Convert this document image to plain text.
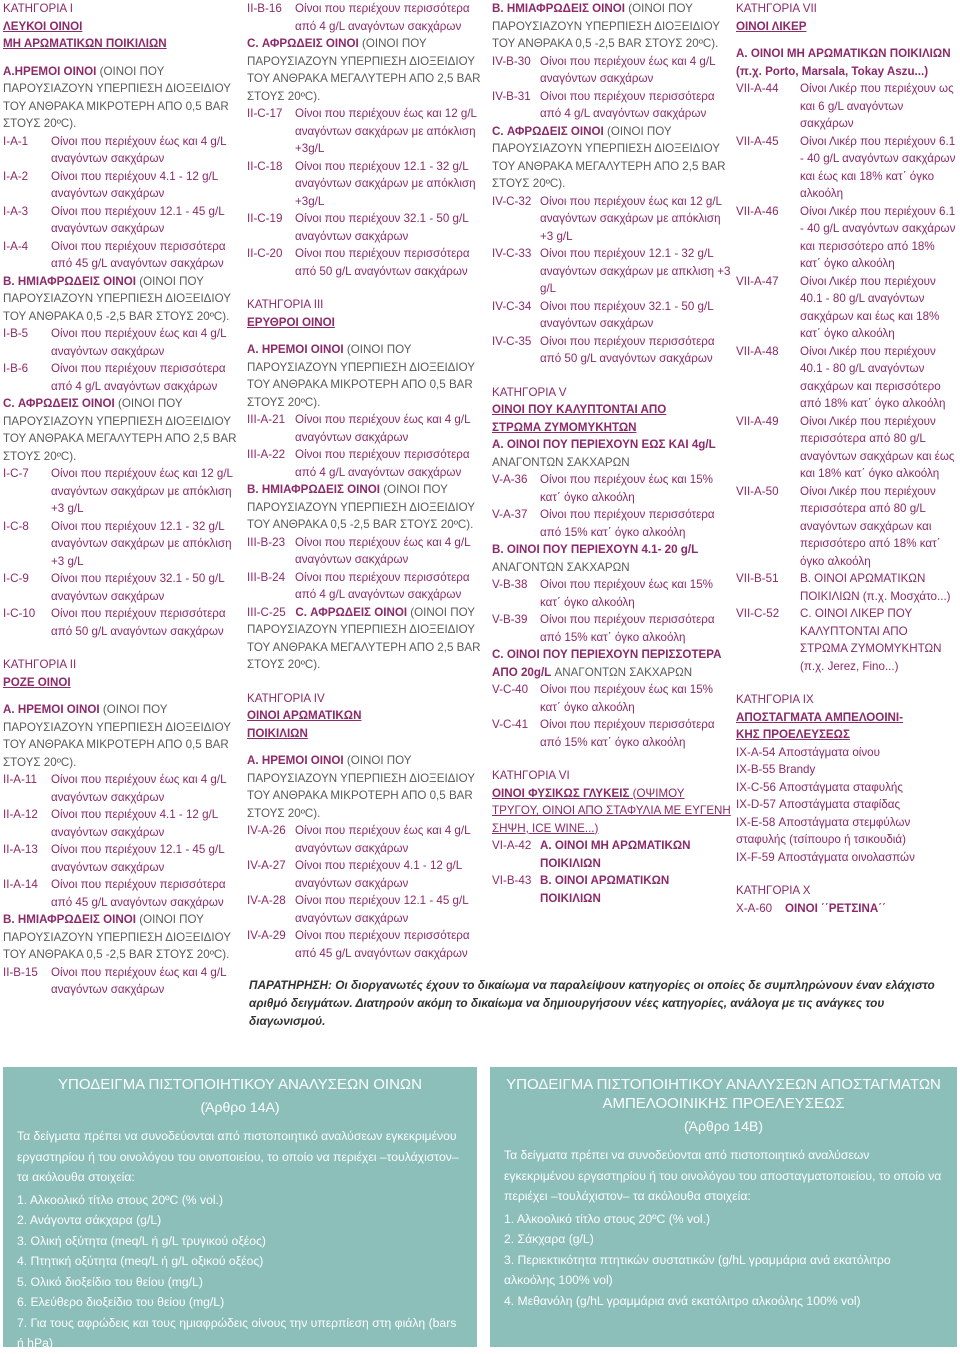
ΚΑΤΗΓΟΡΙΑ I
ΛΕΥΚΟΙ ΟΙΝΟΙ
ΜΗ ΑΡΩΜΑΤΙΚΩΝ ΠΟΙΚΙΛΙΩΝ
A.ΗΡΕΜΟΙ ΟΙΝΟΙ (ΟΙΝΟΙ ΠΟΥ ΠΑΡΟΥΣΙΑΖΟΥΝ ΥΠΕΡΠΙΕΣΗ ΔΙΟΞΕΙΔΙΟΥ ΤΟΥ ΑΝΘΡΑΚΑ ΜΙΚΡΟΤΕΡΗ ΑΠΟ 0,5 BAR ΣΤΟΥΣ 20ºC).
I-A-1	Οίνοι που περιέχουν έως και 4 g/L αναγόντων σακχάρων
I-A-2	Οίνοι που περιέχουν 4.1 - 12 g/L αναγόντων σακχάρων
I-A-3	Οίνοι που περιέχουν 12.1 - 45 g/L αναγόντων σακχάρων
I-A-4	Οίνοι που περιέχουν περισσότερα από 45 g/L αναγόντων σακχάρων
B. ΗΜΙΑΦΡΩΔΕΙΣ ΟΙΝΟΙ (ΟΙΝΟΙ ΠΟΥ ΠΑΡΟΥΣΙΑΖΟΥΝ ΥΠΕΡΠΙΕΣΗ ΔΙΟΞΕΙΔΙΟΥ ΤΟΥ ΑΝΘΡΑΚΑ 0,5 -2,5 BAR ΣΤΟΥΣ 20ºC).
I-B-5	Οίνοι που περιέχουν έως και 4 g/L αναγόντων σακχάρων
I-B-6	Οίνοι που περιέχουν περισσότερα από 4 g/L αναγόντων σακχάρων
C. ΑΦΡΩΔΕΙΣ ΟΙΝΟΙ (ΟΙΝΟΙ ΠΟΥ ΠΑΡΟΥΣΙΑΖΟΥΝ ΥΠΕΡΠΙΕΣΗ ΔΙΟΞΕΙΔΙΟΥ ΤΟΥ ΑΝΘΡΑΚΑ ΜΕΓΑΛΥΤΕΡΗ ΑΠΟ 2,5 BAR ΣΤΟΥΣ 20ºC).
I-C-7	Οίνοι που περιέχουν έως και 12 g/L αναγόντων σακχάρων με απόκλιση +3 g/L
I-C-8	Οίνοι που περιέχουν 12.1 - 32 g/L αναγόντων σακχάρων με απόκλιση +3 g/L
I-C-9	Οίνοι που περιέχουν 32.1 - 50 g/L αναγόντων σακχάρων
I-C-10	Οίνοι που περιέχουν περισσότερα από 50 g/L αναγόντων σακχάρων
ΚΑΤΗΓΟΡΙΑ II
ΡΟΖΕ ΟΙΝΟΙ
A. ΗΡΕΜΟΙ ΟΙΝΟΙ (ΟΙΝΟΙ ΠΟΥ ΠΑΡΟΥΣΙΑΖΟΥΝ ΥΠΕΡΠΙΕΣΗ ΔΙΟΞΕΙΔΙΟΥ ΤΟΥ ΑΝΘΡΑΚΑ ΜΙΚΡΟΤΕΡΗ ΑΠΟ 0,5 BAR ΣΤΟΥΣ 20ºC).
II-A-11	Οίνοι που περιέχουν έως και 4 g/L αναγόντων σακχάρων
II-A-12	Οίνοι που περιέχουν 4.1 - 12 g/L αναγόντων σακχάρων
II-A-13	Οίνοι που περιέχουν 12.1 - 45 g/L αναγόντων σακχάρων
II-A-14	Οίνοι που περιέχουν περισσότερα από 45 g/L αναγόντων σακχάρων
B. ΗΜΙΑΦΡΩΔΕΙΣ ΟΙΝΟΙ (ΟΙΝΟΙ ΠΟΥ ΠΑΡΟΥΣΙΑΖΟΥΝ ΥΠΕΡΠΙΕΣΗ ΔΙΟΞΕΙΔΙΟΥ ΤΟΥ ΑΝΘΡΑΚΑ 0,5 -2,5 BAR ΣΤΟΥΣ 20ºC).
II-B-15	Οίνοι που περιέχουν έως και 4 g/L αναγόντων σακχάρων
II-B-16	Οίνοι που περιέχουν περισσότερα από 4 g/L αναγόντων σακχάρων
C. ΑΦΡΩΔΕΙΣ ΟΙΝΟΙ (ΟΙΝΟΙ ΠΟΥ ΠΑΡΟΥΣΙΑΖΟΥΝ ΥΠΕΡΠΙΕΣΗ ΔΙΟΞΕΙΔΙΟΥ ΤΟΥ ΑΝΘΡΑΚΑ ΜΕΓΑΛΥΤΕΡΗ ΑΠΟ 2,5 BAR ΣΤΟΥΣ 20ºC).
II-C-17	Οίνοι που περιέχουν έως και 12 g/L αναγόντων σακχάρων με απόκλιση +3g/L
II-C-18	Οίνοι που περιέχουν 12.1 - 32 g/L αναγόντων σακχάρων με απόκλιση +3g/L
II-C-19	Οίνοι που περιέχουν 32.1 - 50 g/L αναγόντων σακχάρων
II-C-20	Οίνοι που περιέχουν περισσότερα από 50 g/L αναγόντων σακχάρων
ΚΑΤΗΓΟΡΙΑ III
ΕΡΥΘΡΟΙ ΟΙΝΟΙ
A. ΗΡΕΜΟΙ ΟΙΝΟΙ (ΟΙΝΟΙ ΠΟΥ ΠΑΡΟΥΣΙΑΖΟΥΝ ΥΠΕΡΠΙΕΣΗ ΔΙΟΞΕΙΔΙΟΥ ΤΟΥ ΑΝΘΡΑΚΑ ΜΙΚΡΟΤΕΡΗ ΑΠΟ 0,5 BAR ΣΤΟΥΣ 20ºC).
III-A-21 Οίνοι που περιέχουν έως και 4 g/L αναγόντων σακχάρων
III-A-22 Οίνοι που περιέχουν περισσότερα από 4 g/L αναγόντων σακχάρων
B. ΗΜΙΑΦΡΩΔΕΙΣ ΟΙΝΟΙ (ΟΙΝΟΙ ΠΟΥ ΠΑΡΟΥΣΙΑΖΟΥΝ ΥΠΕΡΠΙΕΣΗ ΔΙΟΞΕΙΔΙΟΥ ΤΟΥ ΑΝΘΡΑΚΑ 0,5 -2,5 BAR ΣΤΟΥΣ 20ºC).
III-B-23 Οίνοι που περιέχουν έως και 4 g/L αναγόντων σακχάρων
III-B-24 Οίνοι που περιέχουν περισσότερα από 4 g/L αναγόντων σακχάρων
III-C-25 C. ΑΦΡΩΔΕΙΣ ΟΙΝΟΙ (ΟΙΝΟΙ ΠΟΥ ΠΑΡΟΥΣΙΑΖΟΥΝ ΥΠΕΡΠΙΕΣΗ ΔΙΟΞΕΙΔΙΟΥ ΤΟΥ ΑΝΘΡΑΚΑ ΜΕΓΑΛΥΤΕΡΗ ΑΠΟ 2,5 BAR ΣΤΟΥΣ 20ºC).
ΚΑΤΗΓΟΡΙΑ IV
ΟΙΝΟΙ ΑΡΩΜΑΤΙΚΩΝ
ΠΟΙΚΙΛΙΩΝ
A. ΗΡΕΜΟΙ ΟΙΝΟΙ (ΟΙΝΟΙ ΠΟΥ ΠΑΡΟΥΣΙΑΖΟΥΝ ΥΠΕΡΠΙΕΣΗ ΔΙΟΞΕΙΔΙΟΥ ΤΟΥ ΑΝΘΡΑΚΑ ΜΙΚΡΟΤΕΡΗ ΑΠΟ 0,5 BAR ΣΤΟΥΣ 20ºC).
IV-A-26 Οίνοι που περιέχουν έως και 4 g/L αναγόντων σακχάρων
IV-A-27 Οίνοι που περιέχουν 4.1 - 12 g/L αναγόντων σακχάρων
IV-A-28 Οίνοι που περιέχουν 12.1 - 45 g/L αναγόντων σακχάρων
IV-A-29 Οίνοι που περιέχουν περισσότερα από 45 g/L αναγόντων σακχάρων
B. ΗΜΙΑΦΡΩΔΕΙΣ ΟΙΝΟΙ (ΟΙΝΟΙ ΠΟΥ ΠΑΡΟΥΣΙΑΖΟΥΝ ΥΠΕΡΠΙΕΣΗ ΔΙΟΞΕΙΔΙΟΥ ΤΟΥ ΑΝΘΡΑΚΑ 0,5 -2,5 BAR ΣΤΟΥΣ 20ºC).
IV-B-30 Οίνοι που περιέχουν έως και 4 g/L αναγόντων σακχάρων
IV-B-31 Οίνοι που περιέχουν περισσότερα από 4 g/L αναγόντων σακχάρων
C. ΑΦΡΩΔΕΙΣ ΟΙΝΟΙ (ΟΙΝΟΙ ΠΟΥ ΠΑΡΟΥΣΙΑΖΟΥΝ ΥΠΕΡΠΙΕΣΗ ΔΙΟΞΕΙΔΙΟΥ ΤΟΥ ΑΝΘΡΑΚΑ ΜΕΓΑΛΥΤΕΡΗ ΑΠΟ 2,5 BAR ΣΤΟΥΣ 20ºC).
IV-C-32 Οίνοι που περιέχουν έως και 12 g/L αναγόντων σακχάρων με απόκλιση +3 g/L
IV-C-33 Οίνοι που περιέχουν 12.1 - 32 g/L αναγόντων σακχάρων με απκλιση +3 g/L
IV-C-34 Οίνοι που περιέχουν 32.1 - 50 g/L αναγόντων σακχάρων
IV-C-35 Οίνοι που περιέχουν περισσότερα από 50 g/L αναγόντων σακχάρων
ΚΑΤΗΓΟΡΙΑ V
ΟΙΝΟΙ ΠΟΥ ΚΑΛΥΠΤΟΝΤΑΙ ΑΠΟ
ΣΤΡΩΜΑ ΖΥΜΟΜΥΚΗΤΩΝ
A. ΟΙΝΟΙ ΠΟΥ ΠΕΡΙΕΧΟΥΝ ΕΩΣ ΚΑΙ 4g/L ΑΝΑΓΟΝΤΩΝ ΣΑΚΧΑΡΩΝ
V-A-36	Οίνοι που περιέχουν έως και 15% κατ΄ όγκο αλκοόλη
V-A-37	Οίνοι που περιέχουν περισσότερα από 15% κατ΄ όγκο αλκοόλη
B. ΟΙΝΟΙ ΠΟΥ ΠΕΡΙΕΧΟΥΝ 4.1- 20 g/L ΑΝΑΓΟΝΤΩΝ ΣΑΚΧΑΡΩΝ
V-B-38	Οίνοι που περιέχουν έως και 15% κατ΄ όγκο αλκοόλη
V-B-39	Οίνοι που περιέχουν περισσότερα από 15% κατ΄ όγκο αλκοόλη
C. ΟΙΝΟΙ ΠΟΥ ΠΕΡΙΕΧΟΥΝ ΠΕΡΙΣΣΟΤΕΡΑ ΑΠΟ 20g/L ΑΝΑΓΟΝΤΩΝ ΣΑΚΧΑΡΩΝ
V-C-40	Οίνοι που περιέχουν έως και 15% κατ΄ όγκο αλκοόλη
V-C-41	Οίνοι που περιέχουν περισσότερα από 15% κατ΄ όγκο αλκοόλη
ΚΑΤΗΓΟΡΙΑ VI
ΟΙΝΟΙ ΦΥΣΙΚΩΣ ΓΛΥΚΕΙΣ (ΟΨΙΜΟΥ ΤΡΥΓΟΥ, ΟΙΝΟΙ ΑΠΟ ΣΤΑΦΥΛΙΑ ΜΕ ΕΥΓΕΝΗ ΣΗΨΗ, ICE WINE...)
VI-A-42 A. ΟΙΝΟΙ ΜΗ ΑΡΩΜΑΤΙΚΩΝ ΠΟΙΚΙΛΙΩΝ
VI-B-43 B. ΟΙΝΟΙ ΑΡΩΜΑΤΙΚΩΝ ΠΟΙΚΙΛΙΩΝ
ΚΑΤΗΓΟΡΙΑ VII
ΟΙΝΟΙ ΛΙΚΕΡ
A. ΟΙΝΟΙ ΜΗ ΑΡΩΜΑΤΙΚΩΝ ΠΟΙΚΙΛΙΩΝ (π.χ. Porto, Marsala, Tokay Aszu...)
VII-A-44	Οίνοι Λικέρ που περιέχουν ως και 6 g/L αναγόντων σακχάρων
VII-A-45	Οίνοι Λικέρ που περιέχουν 6.1 - 40 g/L αναγόντων σακχάρων και έως και 18% κατ΄ όγκο αλκοόλη
VII-A-46	Οίνοι Λικέρ που περιέχουν 6.1 - 40 g/L αναγόντων σακχάρων και περισσότερο από 18% κατ΄ όγκο αλκοόλη
VII-A-47	Οίνοι Λικέρ που περιέχουν 40.1 - 80 g/L αναγόντων σακχάρων και έως και 18% κατ΄ όγκο αλκοόλη
VII-A-48	Οίνοι Λικέρ που περιέχουν 40.1 - 80 g/L αναγόντων σακχάρων και περισσότερο από 18% κατ΄ όγκο αλκοόλη
VII-A-49	Οίνοι Λικέρ που περιέχουν περισσότερα από 80 g/L αναγόντων σακχάρων και έως και 18% κατ΄ όγκο αλκοόλη
VII-A-50	Οίνοι Λικέρ που περιέχουν περισσότερα από 80 g/L αναγόντων σακχάρων και περισσότερο από 18% κατ΄ όγκο αλκοόλη
VII-B-51	B. ΟΙΝΟΙ ΑΡΩΜΑΤΙΚΩΝ ΠΟΙΚΙΛΙΩΝ (π.χ. Μοσχάτο...)
VII-C-52	C. ΟΙΝΟΙ ΛΙΚΕΡ ΠΟΥ ΚΑΛΥΠΤΟΝΤΑΙ ΑΠΟ ΣΤΡΩΜΑ ΖΥΜΟΜΥΚΗΤΩΝ (π.χ. Jerez, Fino...)
ΚΑΤΗΓΟΡΙΑ IX
ΑΠΟΣΤΑΓΜΑΤΑ ΑΜΠΕΛΟΟΙΝΙ-
ΚΗΣ ΠΡΟΕΛΕΥΣΕΩΣ
IX-A-54 Αποστάγματα οίνου
IX-B-55 Brandy
IX-C-56 Αποστάγματα σταφυλής
IX-D-57 Αποστάγματα σταφίδας
IX-E-58 Αποστάγματα στεμφύλων σταφυλής (τσίπουρο ή τσικουδιά)
IX-F-59 Αποστάγματα οινολασπών
ΚΑΤΗΓΟΡΙΑ X
X-A-60 ΟΙΝΟΙ ΄΄ΡΕΤΣΙΝΑ΄΄
ΠΑΡΑΤΗΡΗΣΗ: Οι διοργανωτές έχουν το δικαίωμα να παραλείψουν κατηγορίες οι οποίες δε συμπληρώνουν έναν ελάχιστο αριθμό δειγμάτων. Διατηρούν ακόμη το δικαίωμα να δημιουργήσουν νέες κατηγορίες, ανάλογα με τις ανάγκες του διαγωνισμού.
ΥΠΟΔΕΙΓΜΑ ΠΙΣΤΟΠΟΙΗΤΙΚΟΥ ΑΝΑΛΥΣΕΩΝ ΟΙΝΩΝ
(Άρθρο 14A)
Τα δείγματα πρέπει να συνοδεύονται από πιστοποιητικό αναλύσεων εγκεκριμένου εργαστηρίου ή του οινολόγου του οινοποιείου, το οποίο να περιέχει –τουλάχιστον– τα ακόλουθα στοιχεία:
1. Αλκοολικό τίτλο στους 20ºC (% vol.)
2. Ανάγοντα σάκχαρα (g/L)
3. Ολική οξύτητα (meq/L ή g/L τρυγικού οξέος)
4. Πτητική οξύτητα (meq/L ή g/L οξικού οξέος)
5. Ολικό διοξείδιο του θείου (mg/L)
6. Ελεύθερο διοξείδιο του θείου (mg/L)
7. Για τους αφρώδεις και τους ημιαφρώδεις οίνους την υπερπίεση στη φιάλη (bars ή hPa)
ΥΠΟΔΕΙΓΜΑ ΠΙΣΤΟΠΟΙΗΤΙΚΟΥ ΑΝΑΛΥΣΕΩΝ ΑΠΟΣΤΑΓΜΑΤΩΝ ΑΜΠΕΛΟΟΙΝΙΚΗΣ ΠΡΟΕΛΕΥΣΕΩΣ
(Άρθρο 14B)
Τα δείγματα πρέπει να συνοδεύονται από πιστοποιητικό αναλύσεων εγκεκριμένου εργαστηρίου ή του οινολόγου του αποσταγματοποιείου, το οποίο να περιέχει –τουλάχιστον– τα ακόλουθα στοιχεία:
1. Αλκοολικό τίτλο στους 20ºC (% vol.)
2. Σάκχαρα (g/L)
3. Περιεκτικότητα πτητικών συστατικών (g/hL γραμμάρια ανά εκατόλιτρο αλκοόλης 100% vol)
4. Μεθανόλη (g/hL γραμμάρια ανά εκατόλιτρο αλκοόλης 100% vol)
